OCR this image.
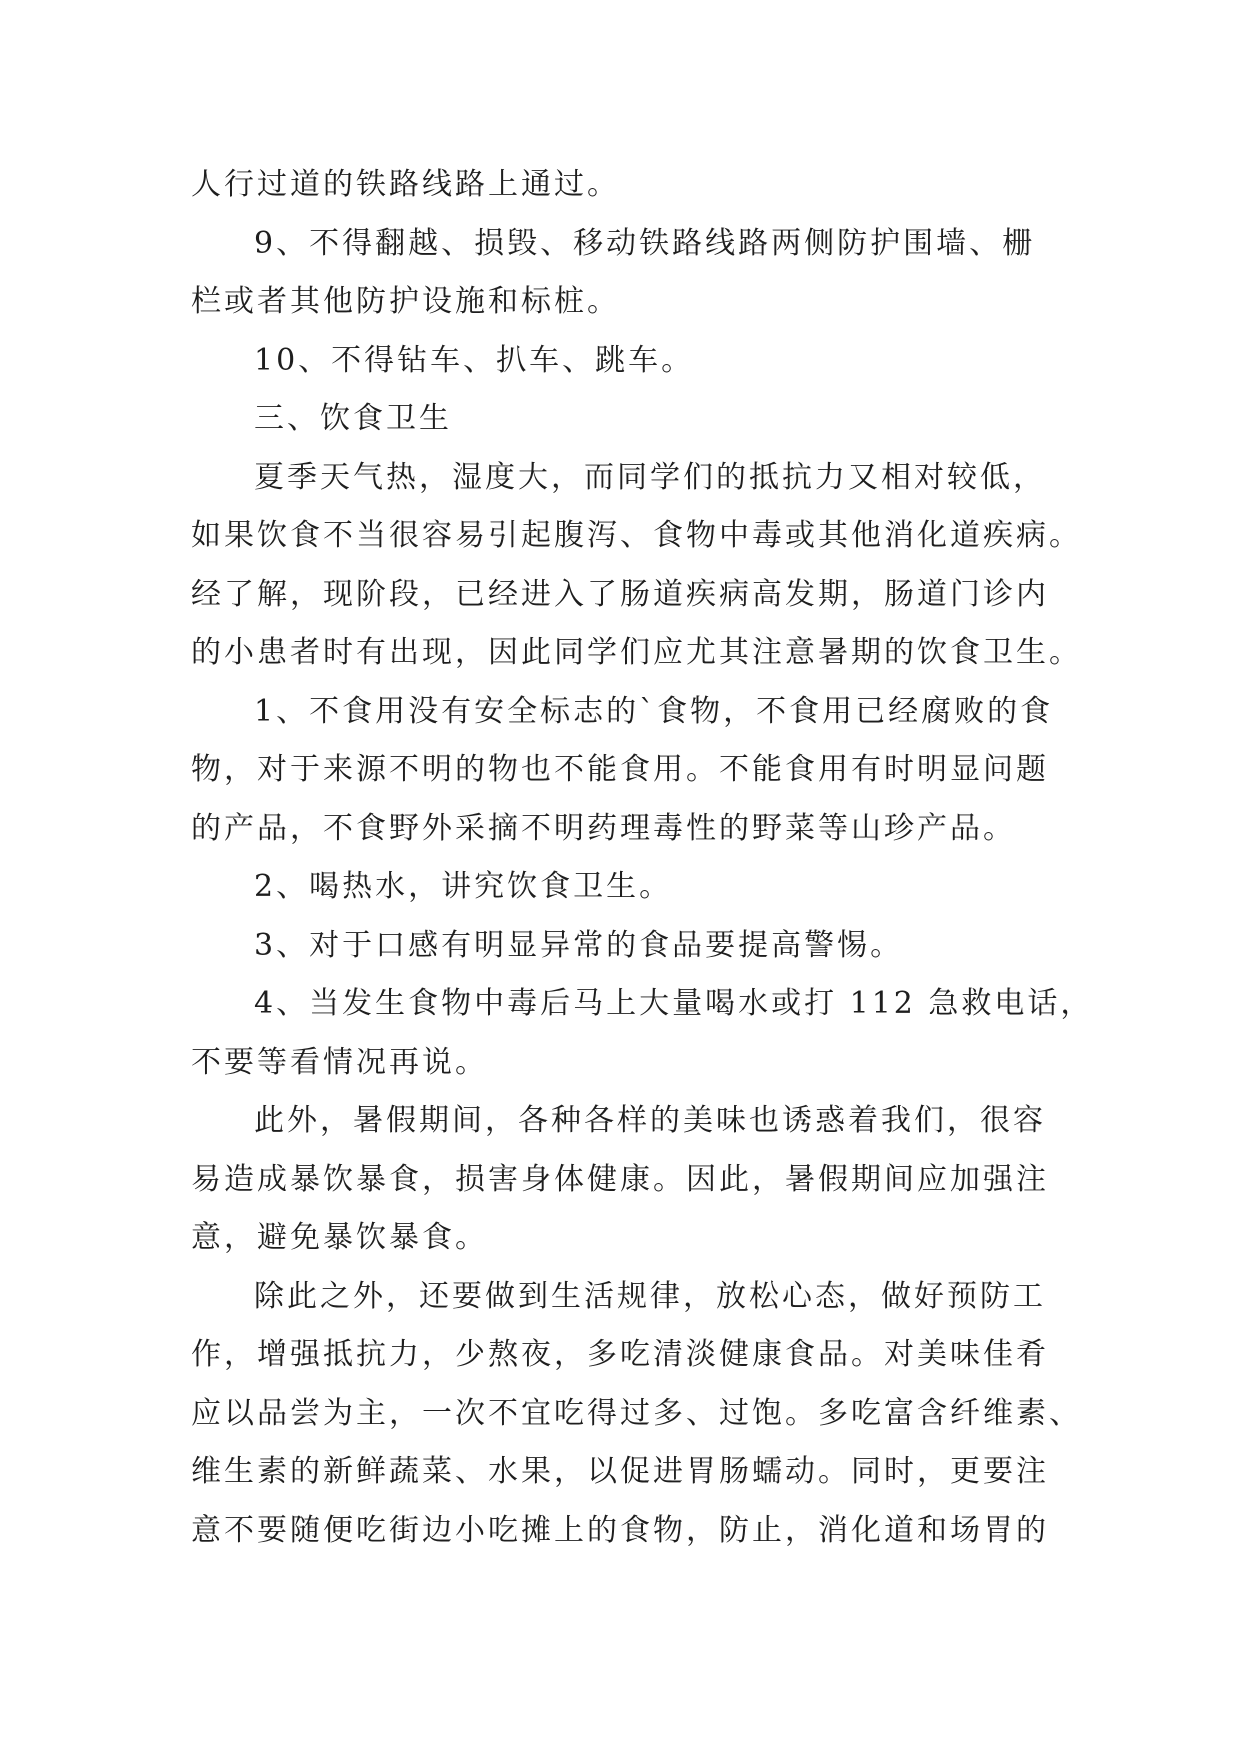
人行过道的铁路线路上通过。
9、不得翻越、损毁、移动铁路线路两侧防护围墙、栅
栏或者其他防护设施和标桩。
10、不得钻车、扒车、跳车。
三、饮食卫生
夏季天气热，湿度大，而同学们的抵抗力又相对较低，
如果饮食不当很容易引起腹泻、食物中毒或其他消化道疾病。
经了解，现阶段，已经进入了肠道疾病高发期，肠道门诊内
的小患者时有出现，因此同学们应尤其注意暑期的饮食卫生。
1、不食用没有安全标志的`食物，不食用已经腐败的食
物，对于来源不明的物也不能食用。不能食用有时明显问题
的产品，不食野外采摘不明药理毒性的野菜等山珍产品。
2、喝热水，讲究饮食卫生。
3、对于口感有明显异常的食品要提高警惕。
4、当发生食物中毒后马上大量喝水或打 112 急救电话，
不要等看情况再说。
此外，暑假期间，各种各样的美味也诱惑着我们，很容
易造成暴饮暴食，损害身体健康。因此，暑假期间应加强注
意，避免暴饮暴食。
除此之外，还要做到生活规律，放松心态，做好预防工
作，增强抵抗力，少熬夜，多吃清淡健康食品。对美味佳肴
应以品尝为主，一次不宜吃得过多、过饱。多吃富含纤维素、
维生素的新鲜蔬菜、水果，以促进胃肠蠕动。同时，更要注
意不要随便吃街边小吃摊上的食物，防止，消化道和场胃的
